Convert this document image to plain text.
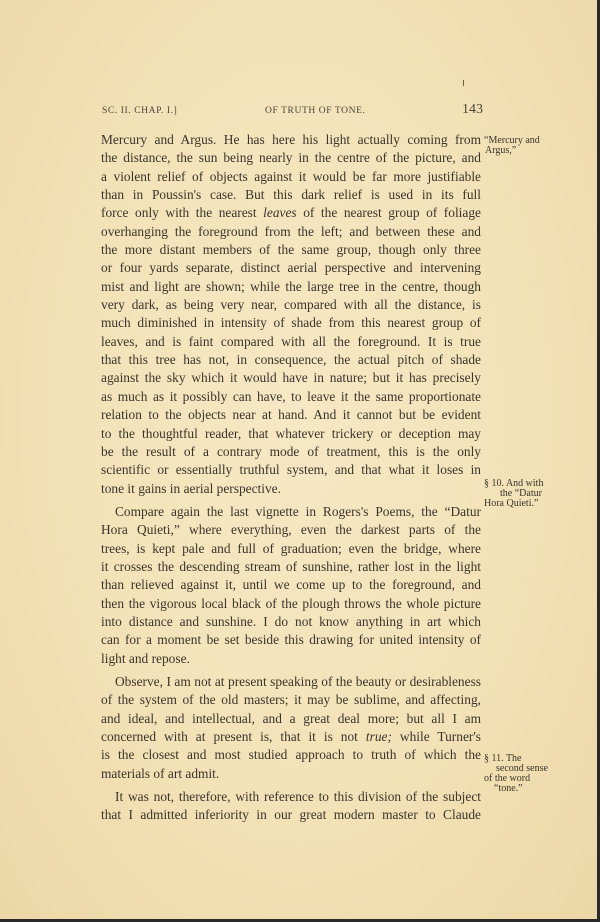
SC. II. CHAP. I.]	OF TRUTH OF TONE.	143
Mercury and Argus. He has here his light actually coming from
the distance, the sun being nearly in the centre of the picture, and
a violent relief of objects against it would be far more justifiable
than in Poussin's case. But this dark relief is used in its full
force only with the nearest leaves of the nearest group of foliage
overhanging the foreground from the left; and between these and
the more distant members of the same group, though only three
or four yards separate, distinct aerial perspective and intervening
mist and light are shown; while the large tree in the centre, though
very dark, as being very near, compared with all the distance, is
much diminished in intensity of shade from this nearest group of
leaves, and is faint compared with all the foreground. It is true
that this tree has not, in consequence, the actual pitch of shade
against the sky which it would have in nature; but it has precisely
as much as it possibly can have, to leave it the same proportionate
relation to the objects near at hand. And it cannot but be evident
to the thoughtful reader, that whatever trickery or deception may
be the result of a contrary mode of treatment, this is the only
scientific or essentially truthful system, and that what it loses in
tone it gains in aerial perspective.
Compare again the last vignette in Rogers's Poems, the “Datur
Hora Quieti,” where everything, even the darkest parts of the
trees, is kept pale and full of graduation; even the bridge, where
it crosses the descending stream of sunshine, rather lost in the light
than relieved against it, until we come up to the foreground, and
then the vigorous local black of the plough throws the whole picture
into distance and sunshine. I do not know anything in art which
can for a moment be set beside this drawing for united intensity of
light and repose.
Observe, I am not at present speaking of the beauty or desirableness
of the system of the old masters; it may be sublime, and affecting,
and ideal, and intellectual, and a great deal more; but all I am
concerned with at present is, that it is not true; while Turner's
is the closest and most studied approach to truth of which the
materials of art admit.
It was not, therefore, with reference to this division of the subject
that I admitted inferiority in our great modern master to Claude
“Mercury and
Argus,”
§ 10. And with
the “Datur
Hora Quieti.”
§ 11. The
second sense
of the word
“tone.”
